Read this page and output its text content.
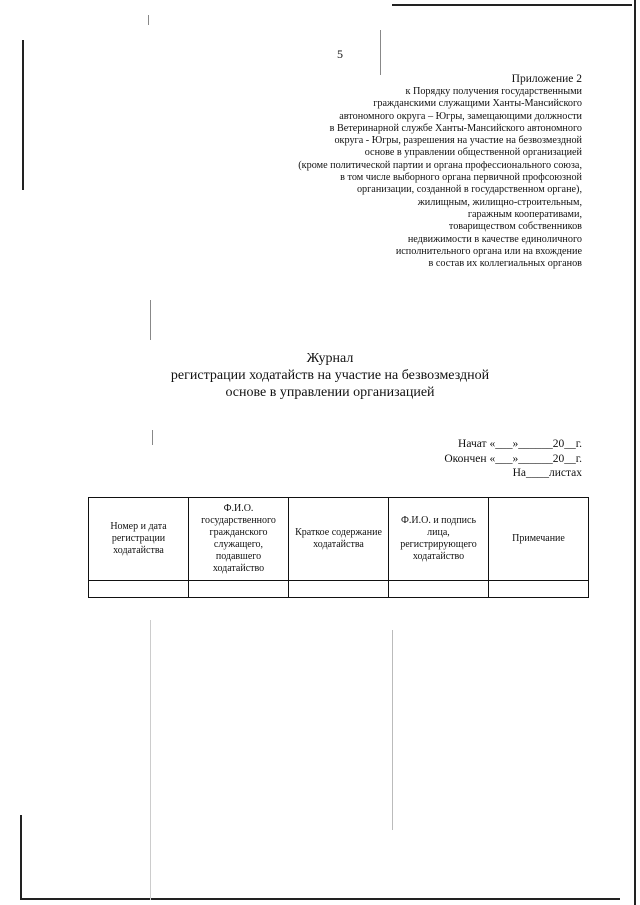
5
Приложение 2
к Порядку получения государственными
гражданскими служащими Ханты-Мансийского
автономного округа – Югры, замещающими должности
в Ветеринарной службе Ханты-Мансийского автономного
округа - Югры, разрешения на участие на безвозмездной
основе в управлении общественной организацией
(кроме политической партии и органа профессионального союза,
в том числе выборного органа первичной профсоюзной
организации, созданной в государственном органе),
жилищным, жилищно-строительным,
гаражным кооперативами,
товариществом собственников
недвижимости в качестве единоличного
исполнительного органа или на вхождение
в состав их коллегиальных органов
Журнал
регистрации ходатайств на участие на безвозмездной
основе в управлении организацией
Начат «___»______20__г.
Окончен «___»______20__г.
На____листах
Номер и дата регистрации ходатайства	Ф.И.О. государственного гражданского служащего, подавшего ходатайство	Краткое содержание ходатайства	Ф.И.О. и подпись лица, регистрирующего ходатайство	Примечание
